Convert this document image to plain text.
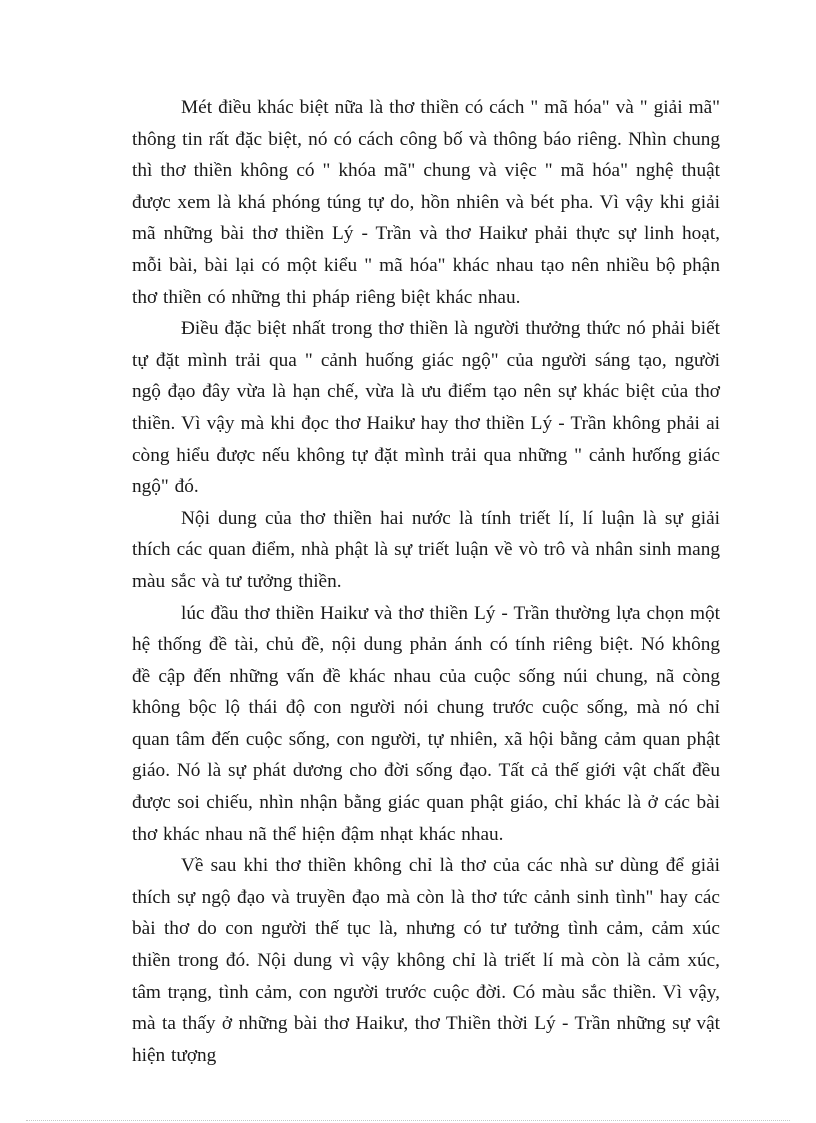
Mét điều khác biệt nữa là thơ thiền có cách " mã hóa" và " giải mã" thông tin rất đặc biệt, nó có cách công bố và thông báo riêng. Nhìn chung thì thơ thiền không có " khóa mã" chung và việc " mã hóa" nghệ thuật được xem là khá phóng túng tự do, hồn nhiên và bét pha. Vì vậy khi giải mã những bài thơ thiền Lý - Trần và thơ Haikư phải thực sự linh hoạt, mỗi bài, bài lại có một kiểu " mã hóa" khác nhau tạo nên nhiều bộ phận thơ thiền có những thi pháp riêng biệt khác nhau.

Điều đặc biệt nhất trong thơ thiền là người thưởng thức nó phải biết tự đặt mình trải qua " cảnh huống giác ngộ" của người sáng tạo, người ngộ đạo đây vừa là hạn chế, vừa là ưu điểm tạo nên sự khác biệt của thơ thiền. Vì vậy mà khi đọc thơ Haikư hay thơ thiền Lý - Trần không phải ai còng hiểu được nếu không tự đặt mình trải qua những " cảnh hưống giác ngộ" đó.

Nội dung của thơ thiền hai nước là tính triết lí, lí luận là sự giải thích các quan điểm, nhà phật là sự triết luận về vò trô và nhân sinh mang màu sắc và tư tưởng thiền.

lúc đầu thơ thiền Haikư và thơ thiền Lý - Trần thường lựa chọn một hệ thống đề tài, chủ đề, nội dung phản ánh có tính riêng biệt. Nó không đề cập đến những vấn đề khác nhau của cuộc sống núi chung, nã còng không bộc lộ thái độ con người nói chung trước cuộc sống, mà nó chỉ quan tâm đến cuộc sống, con người, tự nhiên, xã hội bằng cảm quan phật giáo. Nó là sự phát dương cho đời sống đạo. Tất cả thế giới vật chất đều được soi chiếu, nhìn nhận bằng giác quan phật giáo, chỉ khác là ở các bài thơ khác nhau nã thể hiện đậm nhạt khác nhau.

Về sau khi thơ thiền không chỉ là thơ của các nhà sư dùng để giải thích sự ngộ đạo và truyền đạo mà còn là thơ tức cảnh sinh tình" hay các bài thơ do con người thế tục là, nhưng có tư tưởng tình cảm, cảm xúc thiền trong đó. Nội dung vì vậy không chỉ là triết lí mà còn là cảm xúc, tâm trạng, tình cảm, con người trước cuộc đời. Có màu sắc thiền. Vì vậy, mà ta thấy ở những bài thơ Haikư, thơ Thiền thời Lý - Trần những sự vật hiện tượng
